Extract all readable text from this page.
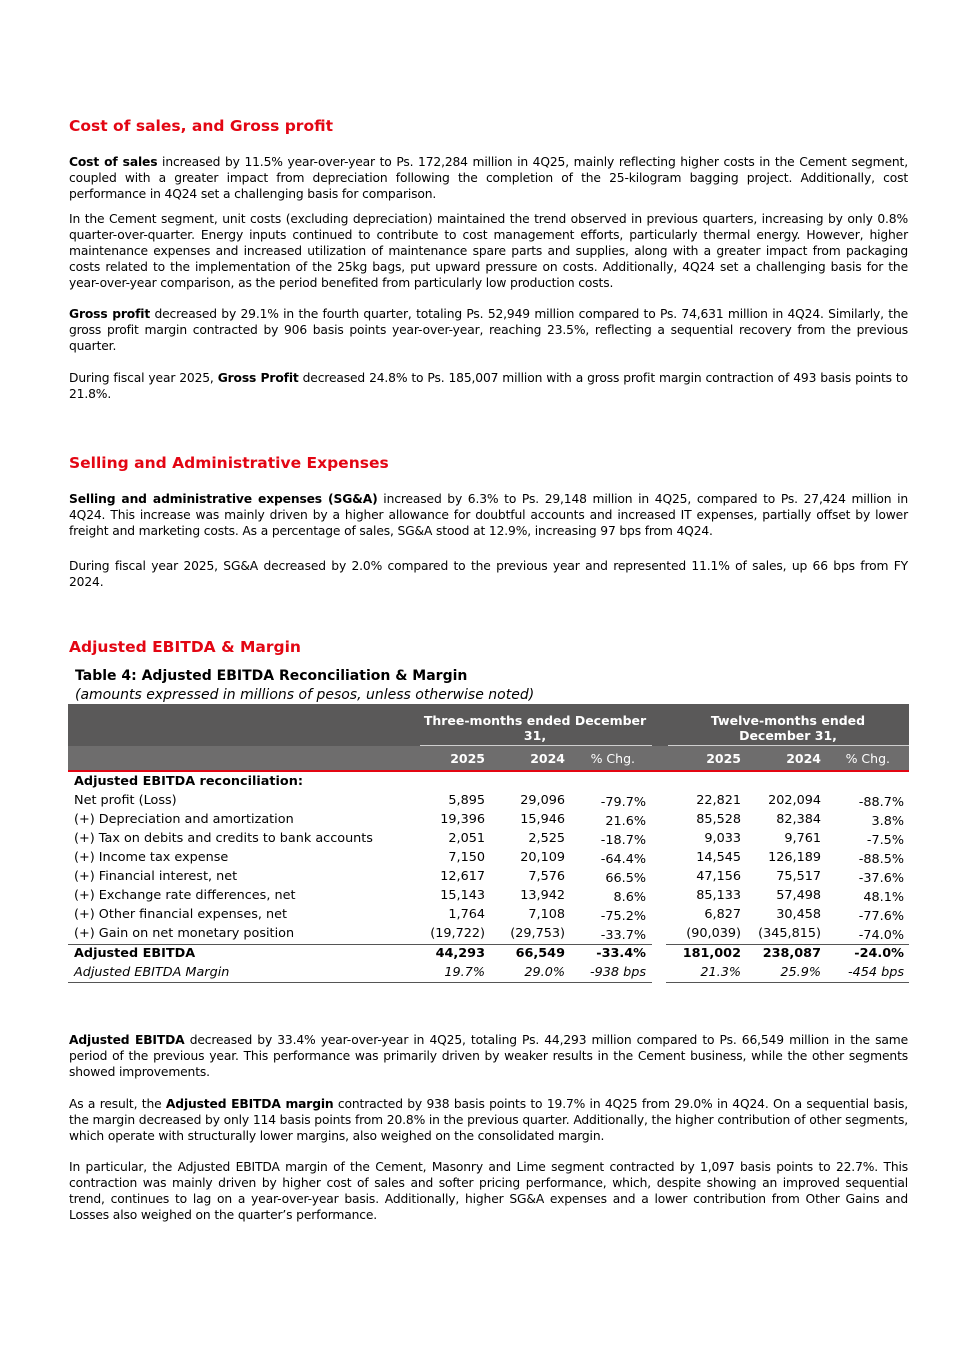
Cost of sales, and Gross profit

Cost of sales increased by 11.5% year-over-year to Ps. 172,284 million in 4Q25, mainly reflecting higher costs in the Cement segment, coupled with a greater impact from depreciation following the completion of the 25-kilogram bagging project. Additionally, cost performance in 4Q24 set a challenging basis for comparison.

In the Cement segment, unit costs (excluding depreciation) maintained the trend observed in previous quarters, increasing by only 0.8% quarter-over-quarter. Energy inputs continued to contribute to cost management efforts, particularly thermal energy. However, higher maintenance expenses and increased utilization of maintenance spare parts and supplies, along with a greater impact from packaging costs related to the implementation of the 25kg bags, put upward pressure on costs. Additionally, 4Q24 set a challenging basis for the year-over-year comparison, as the period benefited from particularly low production costs.

Gross profit decreased by 29.1% in the fourth quarter, totaling Ps. 52,949 million compared to Ps. 74,631 million in 4Q24. Similarly, the gross profit margin contracted by 906 basis points year-over-year, reaching 23.5%, reflecting a sequential recovery from the previous quarter.

During fiscal year 2025, Gross Profit decreased 24.8% to Ps. 185,007 million with a gross profit margin contraction of 493 basis points to 21.8%.

Selling and Administrative Expenses

Selling and administrative expenses (SG&A) increased by 6.3% to Ps. 29,148 million in 4Q25, compared to Ps. 27,424 million in 4Q24. This increase was mainly driven by a higher allowance for doubtful accounts and increased IT expenses, partially offset by lower freight and marketing costs. As a percentage of sales, SG&A stood at 12.9%, increasing 97 bps from 4Q24.

During fiscal year 2025, SG&A decreased by 2.0% compared to the previous year and represented 11.1% of sales, up 66 bps from FY 2024.

Adjusted EBITDA & Margin
Table 4: Adjusted EBITDA Reconciliation & Margin
(amounts expressed in millions of pesos, unless otherwise noted)
Three-months ended December 31,
Twelve-months ended December 31,
2025	2024	% Chg.	2025	2024	% Chg.
Adjusted EBITDA reconciliation:
Net profit (Loss)	5,895	29,096	-79.7%	22,821	202,094	-88.7%
(+) Depreciation and amortization	19,396	15,946	21.6%	85,528	82,384	3.8%
(+) Tax on debits and credits to bank accounts	2,051	2,525	-18.7%	9,033	9,761	-7.5%
(+) Income tax expense	7,150	20,109	-64.4%	14,545	126,189	-88.5%
(+) Financial interest, net	12,617	7,576	66.5%	47,156	75,517	-37.6%
(+) Exchange rate differences, net	15,143	13,942	8.6%	85,133	57,498	48.1%
(+) Other financial expenses, net	1,764	7,108	-75.2%	6,827	30,458	-77.6%
(+) Gain on net monetary position	(19,722)	(29,753)	-33.7%	(90,039)	(345,815)	-74.0%
Adjusted EBITDA	44,293	66,549	-33.4%	181,002	238,087	-24.0%
Adjusted EBITDA Margin	19.7%	29.0%	-938 bps	21.3%	25.9%	-454 bps

Adjusted EBITDA decreased by 33.4% year-over-year in 4Q25, totaling Ps. 44,293 million compared to Ps. 66,549 million in the same period of the previous year. This performance was primarily driven by weaker results in the Cement business, while the other segments showed improvements.

As a result, the Adjusted EBITDA margin contracted by 938 basis points to 19.7% in 4Q25 from 29.0% in 4Q24. On a sequential basis, the margin decreased by only 114 basis points from 20.8% in the previous quarter. Additionally, the higher contribution of other segments, which operate with structurally lower margins, also weighed on the consolidated margin.

In particular, the Adjusted EBITDA margin of the Cement, Masonry and Lime segment contracted by 1,097 basis points to 22.7%. This contraction was mainly driven by higher cost of sales and softer pricing performance, which, despite showing an improved sequential trend, continues to lag on a year-over-year basis. Additionally, higher SG&A expenses and a lower contribution from Other Gains and Losses also weighed on the quarter’s performance.
